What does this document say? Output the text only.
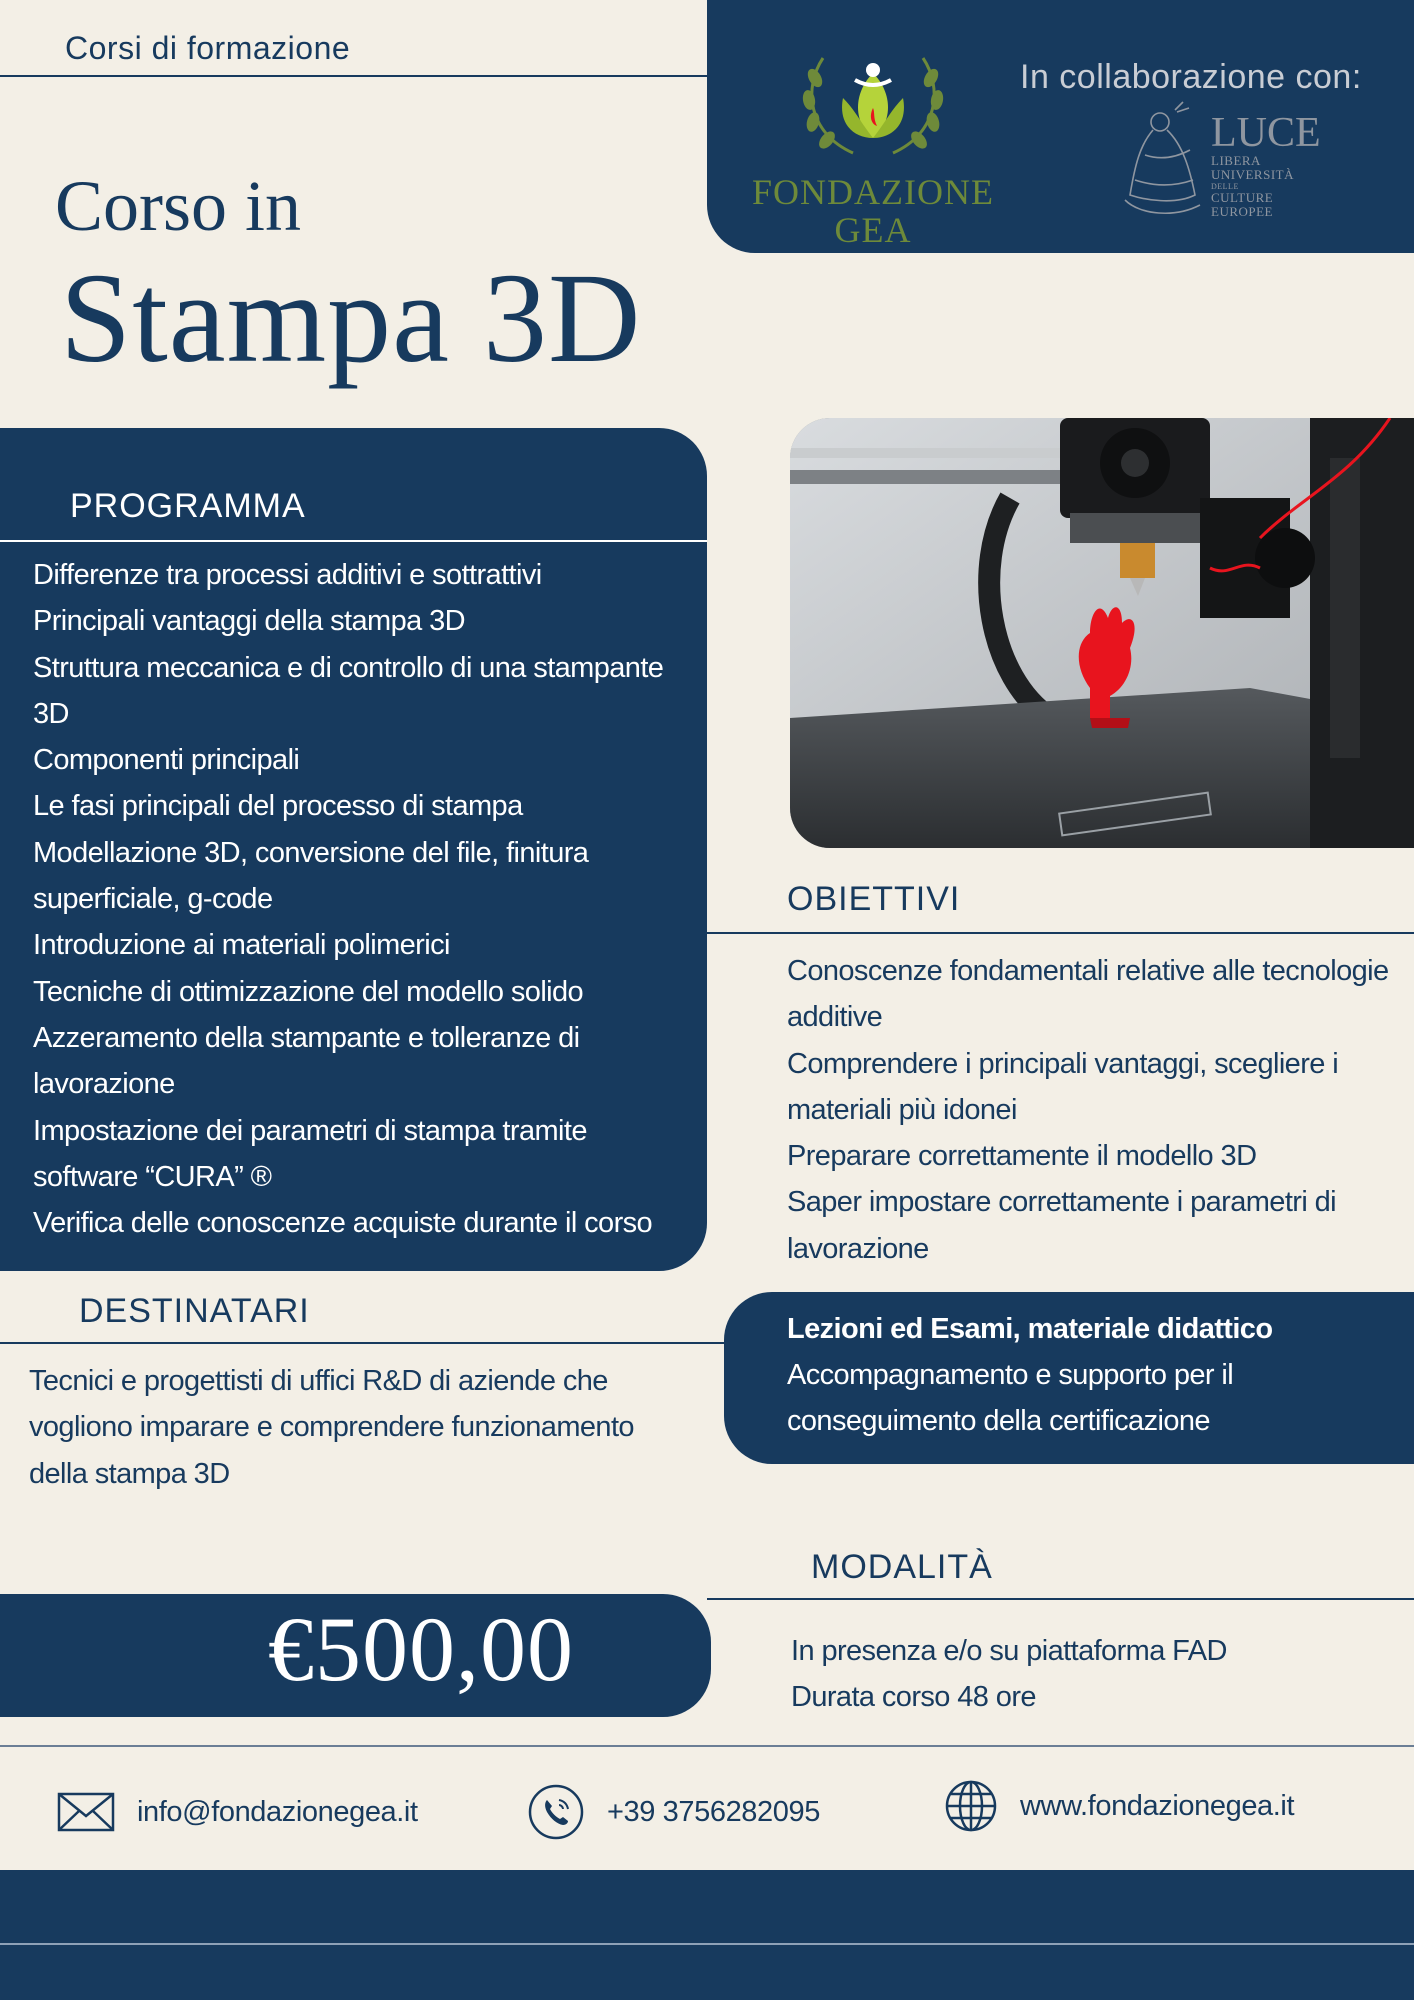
Corsi di formazione
FONDAZIONE
GEA
In collaborazione con:
LUCE
LIBERA
UNIVERSITÀ
DELLE
CULTURE
EUROPEE
Corso in
Stampa 3D
PROGRAMMA
Differenze tra processi additivi e sottrattivi
Principali vantaggi della stampa 3D
Struttura meccanica e di controllo di una stampante 3D
Componenti principali
Le fasi principali del processo di stampa
Modellazione 3D, conversione del file, finitura superficiale, g-code
Introduzione ai materiali polimerici
Tecniche di ottimizzazione del modello solido
Azzeramento della stampante e tolleranze di lavorazione
Impostazione dei parametri di stampa tramite software “CURA” ®
Verifica delle conoscenze acquiste durante il corso
OBIETTIVI
Conoscenze fondamentali relative alle tecnologie additive
Comprendere i principali vantaggi, scegliere i materiali più idonei
Preparare correttamente il modello 3D
Saper impostare correttamente i parametri di lavorazione
Lezioni ed Esami, materiale didattico
Accompagnamento e supporto per il conseguimento della certificazione
DESTINATARI
Tecnici e progettisti di uffici R&D di aziende che vogliono imparare e comprendere funzionamento della stampa 3D
MODALITÀ
In presenza e/o su piattaforma FAD
Durata corso 48 ore
€500,00
info@fondazionegea.it	+39 3756282095	www.fondazionegea.it
